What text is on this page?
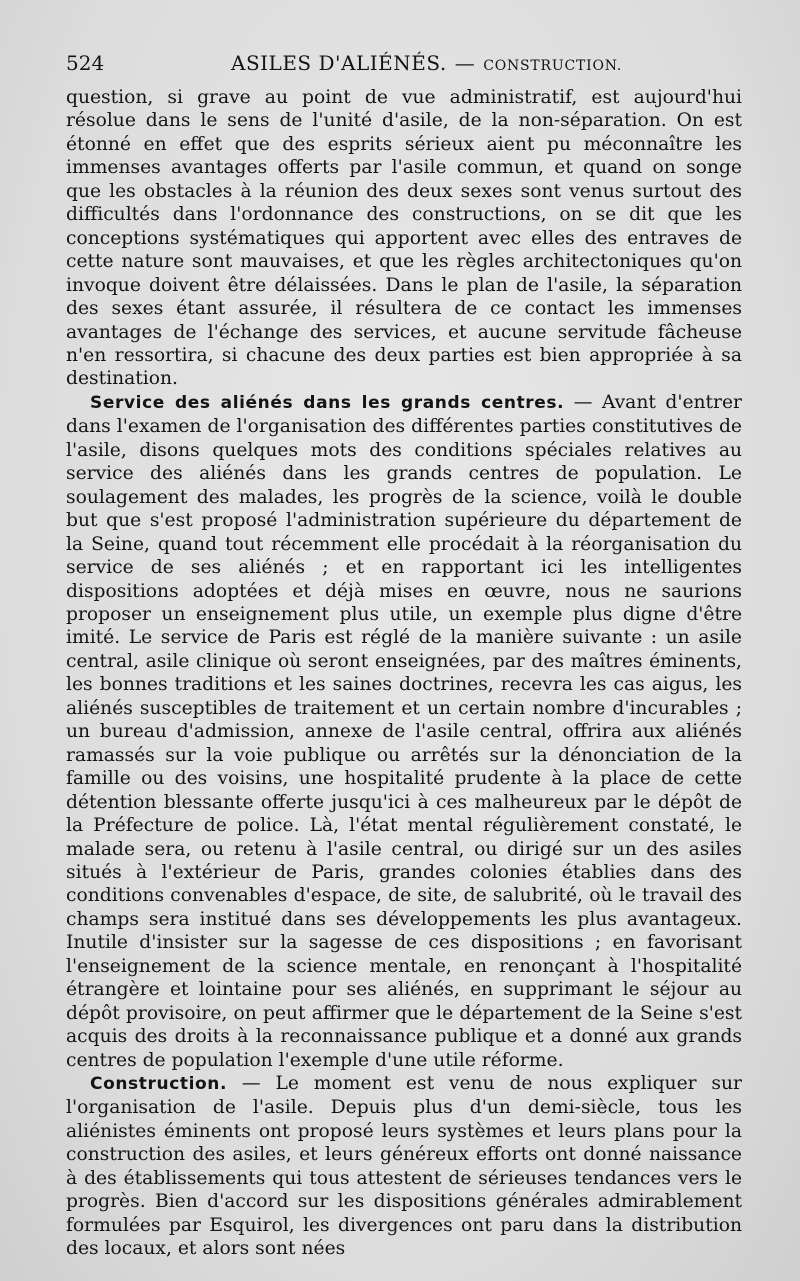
524	ASILES D'ALIÉNÉS. — CONSTRUCTION.

question, si grave au point de vue administratif, est aujourd'hui résolue dans le sens de l'unité d'asile, de la non-séparation. On est étonné en effet que des esprits sérieux aient pu méconnaître les immenses avantages offerts par l'asile commun, et quand on songe que les obstacles à la réunion des deux sexes sont venus surtout des difficultés dans l'ordonnance des constructions, on se dit que les conceptions systématiques qui apportent avec elles des entraves de cette nature sont mauvaises, et que les règles architectoniques qu'on invoque doivent être délaissées. Dans le plan de l'asile, la séparation des sexes étant assurée, il résultera de ce contact les immenses avantages de l'échange des services, et aucune servitude fâcheuse n'en ressortira, si chacune des deux parties est bien appropriée à sa destination.

Service des aliénés dans les grands centres. — Avant d'entrer dans l'examen de l'organisation des différentes parties constitutives de l'asile, disons quelques mots des conditions spéciales relatives au service des aliénés dans les grands centres de population. Le soulagement des malades, les progrès de la science, voilà le double but que s'est proposé l'administration supérieure du département de la Seine, quand tout récemment elle procédait à la réorganisation du service de ses aliénés ; et en rapportant ici les intelligentes dispositions adoptées et déjà mises en œuvre, nous ne saurions proposer un enseignement plus utile, un exemple plus digne d'être imité. Le service de Paris est réglé de la manière suivante : un asile central, asile clinique où seront enseignées, par des maîtres éminents, les bonnes traditions et les saines doctrines, recevra les cas aigus, les aliénés susceptibles de traitement et un certain nombre d'incurables ; un bureau d'admission, annexe de l'asile central, offrira aux aliénés ramassés sur la voie publique ou arrêtés sur la dénonciation de la famille ou des voisins, une hospitalité prudente à la place de cette détention blessante offerte jusqu'ici à ces malheureux par le dépôt de la Préfecture de police. Là, l'état mental régulièrement constaté, le malade sera, ou retenu à l'asile central, ou dirigé sur un des asiles situés à l'extérieur de Paris, grandes colonies établies dans des conditions convenables d'espace, de site, de salubrité, où le travail des champs sera institué dans ses développements les plus avantageux. Inutile d'insister sur la sagesse de ces dispositions ; en favorisant l'enseignement de la science mentale, en renonçant à l'hospitalité étrangère et lointaine pour ses aliénés, en supprimant le séjour au dépôt provisoire, on peut affirmer que le département de la Seine s'est acquis des droits à la reconnaissance publique et a donné aux grands centres de population l'exemple d'une utile réforme.

Construction. — Le moment est venu de nous expliquer sur l'organisation de l'asile. Depuis plus d'un demi-siècle, tous les aliénistes éminents ont proposé leurs systèmes et leurs plans pour la construction des asiles, et leurs généreux efforts ont donné naissance à des établissements qui tous attestent de sérieuses tendances vers le progrès. Bien d'accord sur les dispositions générales admirablement formulées par Esquirol, les divergences ont paru dans la distribution des locaux, et alors sont nées
